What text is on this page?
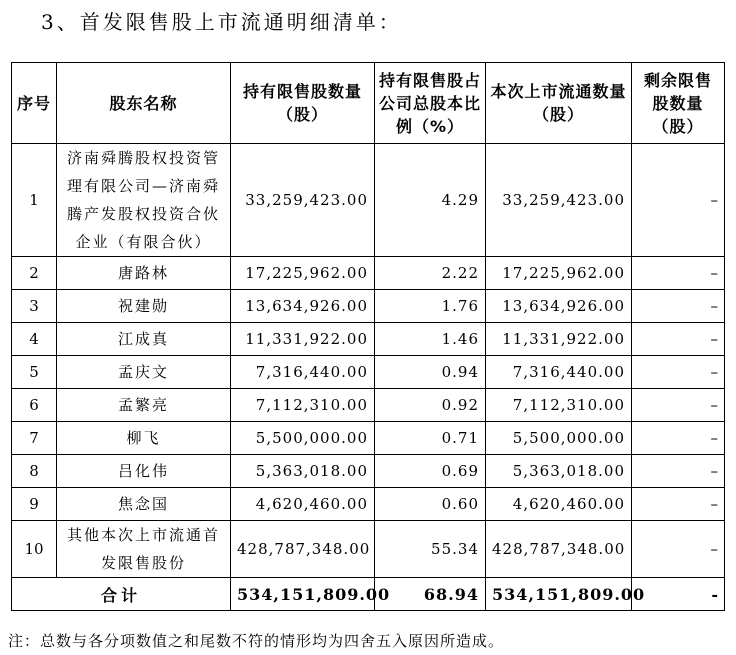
3、首发限售股上市流通明细清单：
序号	股东名称	持有限售股数量（股）	持有限售股占公司总股本比例（%）	本次上市流通数量（股）	剩余限售股数量（股）
1	济南舜腾股权投资管理有限公司—济南舜腾产发股权投资合伙企业（有限合伙）	33,259,423.00	4.29	33,259,423.00	–
2	唐路林	17,225,962.00	2.22	17,225,962.00	–
3	祝建勋	13,634,926.00	1.76	13,634,926.00	–
4	江成真	11,331,922.00	1.46	11,331,922.00	–
5	孟庆文	7,316,440.00	0.94	7,316,440.00	–
6	孟繁亮	7,112,310.00	0.92	7,112,310.00	–
7	柳飞	5,500,000.00	0.71	5,500,000.00	–
8	吕化伟	5,363,018.00	0.69	5,363,018.00	–
9	焦念国	4,620,460.00	0.60	4,620,460.00	–
10	其他本次上市流通首发限售股份	428,787,348.00	55.34	428,787,348.00	–
合计		534,151,809.00	68.94	534,151,809.00	-
注：总数与各分项数值之和尾数不符的情形均为四舍五入原因所造成。
